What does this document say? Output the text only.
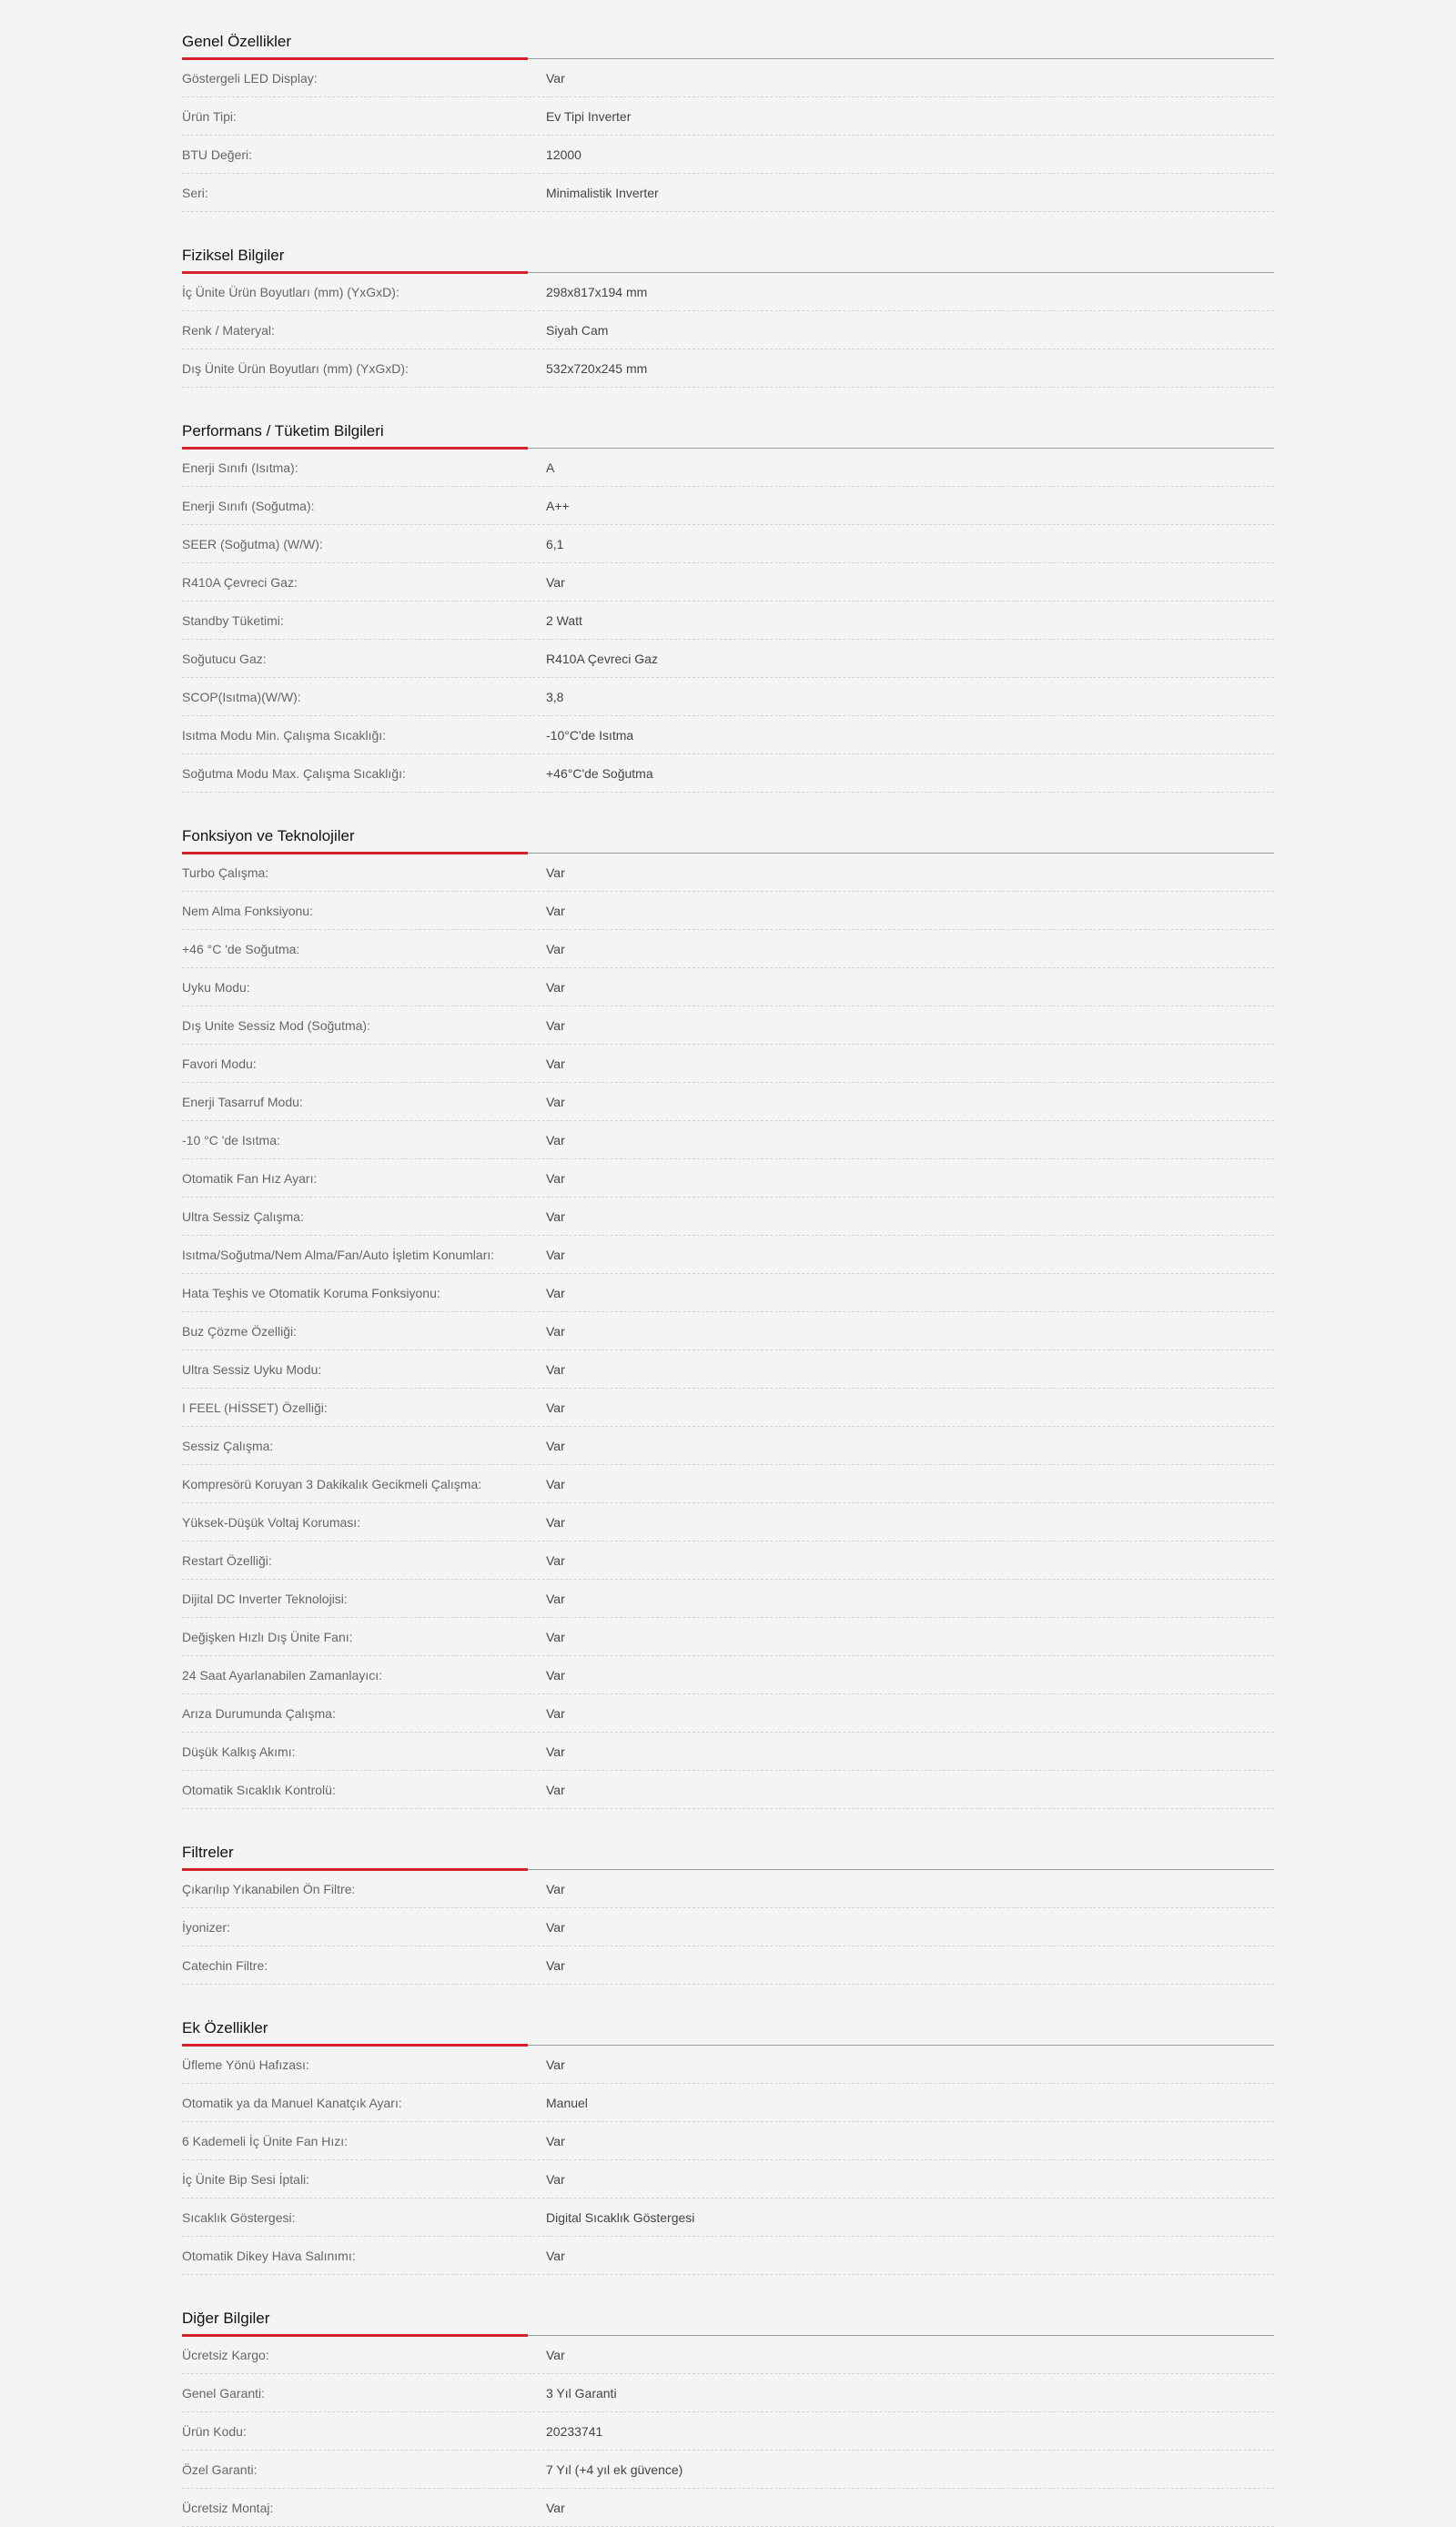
Genel Özellikler
Göstergeli LED Display:	Var
Ürün Tipi:	Ev Tipi Inverter
BTU Değeri:	12000
Seri:	Minimalistik Inverter
Fiziksel Bilgiler
İç Ünite Ürün Boyutları (mm) (YxGxD):	298x817x194 mm
Renk / Materyal:	Siyah Cam
Dış Ünite Ürün Boyutları (mm) (YxGxD):	532x720x245 mm
Performans / Tüketim Bilgileri
Enerji Sınıfı (Isıtma):	A
Enerji Sınıfı (Soğutma):	A++
SEER (Soğutma) (W/W):	6,1
R410A Çevreci Gaz:	Var
Standby Tüketimi:	2 Watt
Soğutucu Gaz:	R410A Çevreci Gaz
SCOP(Isıtma)(W/W):	3,8
Isıtma Modu Min. Çalışma Sıcaklığı:	-10°C'de Isıtma
Soğutma Modu Max. Çalışma Sıcaklığı:	+46°C'de Soğutma
Fonksiyon ve Teknolojiler
Turbo Çalışma:	Var
Nem Alma Fonksiyonu:	Var
+46 °C 'de Soğutma:	Var
Uyku Modu:	Var
Dış Unite Sessiz Mod (Soğutma):	Var
Favori Modu:	Var
Enerji Tasarruf Modu:	Var
-10 °C 'de Isıtma:	Var
Otomatik Fan Hız Ayarı:	Var
Ultra Sessiz Çalışma:	Var
Isıtma/Soğutma/Nem Alma/Fan/Auto İşletim Konumları:	Var
Hata Teşhis ve Otomatik Koruma Fonksiyonu:	Var
Buz Çözme Özelliği:	Var
Ultra Sessiz Uyku Modu:	Var
I FEEL (HİSSET) Özelliği:	Var
Sessiz Çalışma:	Var
Kompresörü Koruyan 3 Dakikalık Gecikmeli Çalışma:	Var
Yüksek-Düşük Voltaj Koruması:	Var
Restart Özelliği:	Var
Dijital DC Inverter Teknolojisi:	Var
Değişken Hızlı Dış Ünite Fanı:	Var
24 Saat Ayarlanabilen Zamanlayıcı:	Var
Arıza Durumunda Çalışma:	Var
Düşük Kalkış Akımı:	Var
Otomatik Sıcaklık Kontrolü:	Var
Filtreler
Çıkarılıp Yıkanabilen Ön Filtre:	Var
İyonizer:	Var
Catechin Filtre:	Var
Ek Özellikler
Üfleme Yönü Hafızası:	Var
Otomatik ya da Manuel Kanatçık Ayarı:	Manuel
6 Kademeli İç Ünite Fan Hızı:	Var
İç Ünite Bip Sesi İptali:	Var
Sıcaklık Göstergesi:	Digital Sıcaklık Göstergesi
Otomatik Dikey Hava Salınımı:	Var
Diğer Bilgiler
Ücretsiz Kargo:	Var
Genel Garanti:	3 Yıl Garanti
Ürün Kodu:	20233741
Özel Garanti:	7 Yıl (+4 yıl ek güvence)
Ücretsiz Montaj:	Var
